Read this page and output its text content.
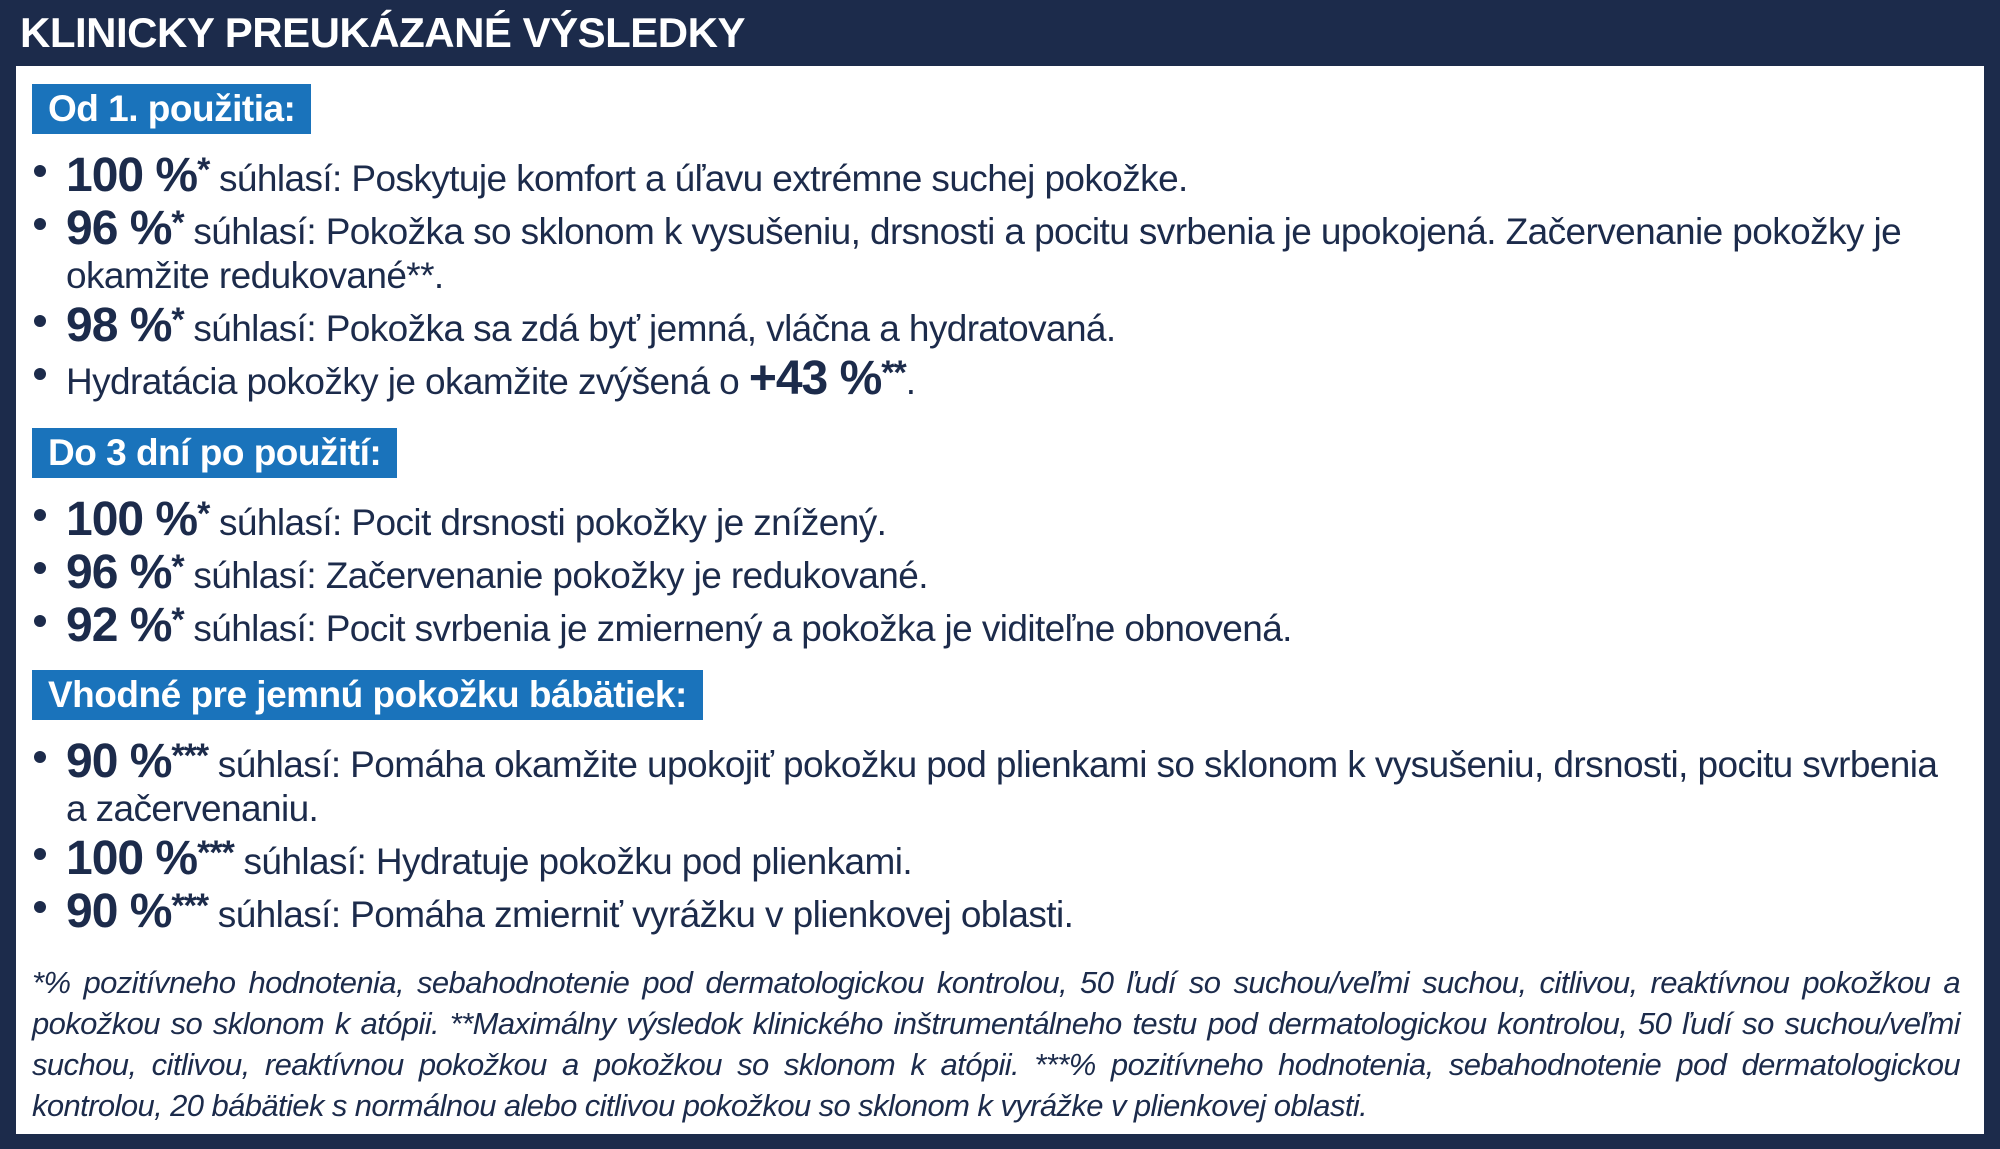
KLINICKY PREUKÁZANÉ VÝSLEDKY
Od 1. použitia:
100 %* súhlasí: Poskytuje komfort a úľavu extrémne suchej pokožke.
96 %* súhlasí: Pokožka so sklonom k vysušeniu, drsnosti a pocitu svrbenia je upokojená. Začervenanie pokožky je okamžite redukované**.
98 %* súhlasí: Pokožka sa zdá byť jemná, vláčna a hydratovaná.
Hydratácia pokožky je okamžite zvýšená o +43 %**.
Do 3 dní po použití:
100 %* súhlasí: Pocit drsnosti pokožky je znížený.
96 %* súhlasí: Začervenanie pokožky je redukované.
92 %* súhlasí: Pocit svrbenia je zmiernený a pokožka je viditeľne obnovená.
Vhodné pre jemnú pokožku bábätiek:
90 %*** súhlasí: Pomáha okamžite upokojiť pokožku pod plienkami so sklonom k vysušeniu, drsnosti, pocitu svrbenia a začervenaniu.
100 %*** súhlasí: Hydratuje pokožku pod plienkami.
90 %*** súhlasí: Pomáha zmierniť vyrážku v plienkovej oblasti.
*% pozitívneho hodnotenia, sebahodnotenie pod dermatologickou kontrolou, 50 ľudí so suchou/veľmi suchou, citlivou, reaktívnou pokožkou a pokožkou so sklonom k atópii. **Maximálny výsledok klinického inštrumentálneho testu pod dermatologickou kontrolou, 50 ľudí so suchou/veľmi suchou, citlivou, reaktívnou pokožkou a pokožkou so sklonom k atópii. ***% pozitívneho hodnotenia, sebahodnotenie pod dermatologickou kontrolou, 20 bábätiek s normálnou alebo citlivou pokožkou so sklonom k vyrážke v plienkovej oblasti.
